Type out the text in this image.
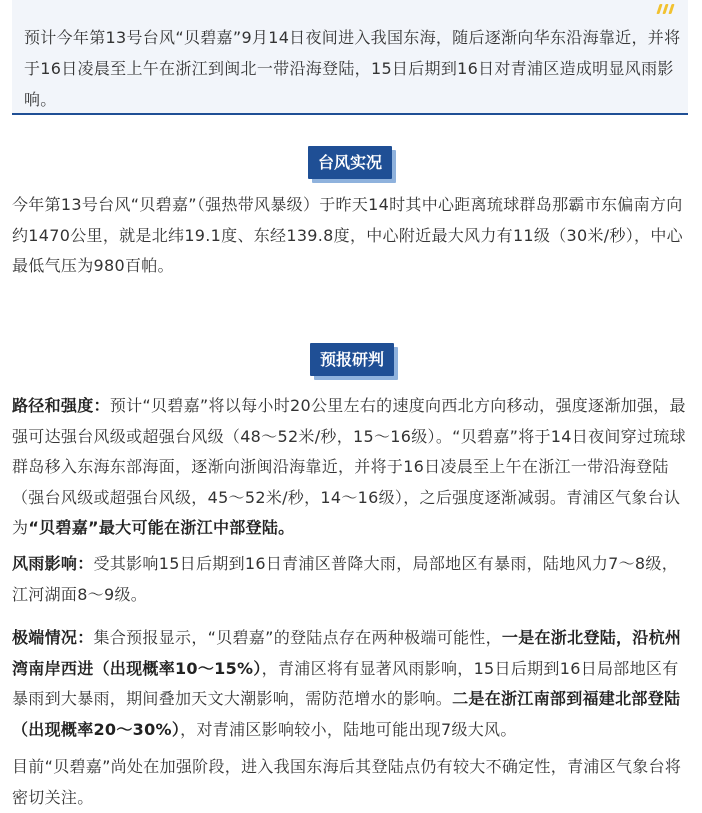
预计今年第13号台风“贝碧嘉”9月14日夜间进入我国东海，随后逐渐向华东沿海靠近，并将于16日凌晨至上午在浙江到闽北一带沿海登陆，15日后期到16日对青浦区造成明显风雨影响。
台风实况
今年第13号台风“贝碧嘉”（强热带风暴级）于昨天14时其中心距离琉球群岛那霸市东偏南方向约1470公里，就是北纬19.1度、东经139.8度，中心附近最大风力有11级（30米/秒），中心最低气压为980百帕。
预报研判
路径和强度：预计“贝碧嘉”将以每小时20公里左右的速度向西北方向移动，强度逐渐加强，最强可达强台风级或超强台风级（48～52米/秒，15～16级）。“贝碧嘉”将于14日夜间穿过琉球群岛移入东海东部海面，逐渐向浙闽沿海靠近，并将于16日凌晨至上午在浙江一带沿海登陆（强台风级或超强台风级，45～52米/秒，14～16级），之后强度逐渐减弱。青浦区气象台认为“贝碧嘉”最大可能在浙江中部登陆。
风雨影响：受其影响15日后期到16日青浦区普降大雨，局部地区有暴雨，陆地风力7～8级，江河湖面8～9级。
极端情况：集合预报显示，“贝碧嘉”的登陆点存在两种极端可能性，一是在浙北登陆，沿杭州湾南岸西进（出现概率10～15%），青浦区将有显著风雨影响，15日后期到16日局部地区有暴雨到大暴雨，期间叠加天文大潮影响，需防范增水的影响。二是在浙江南部到福建北部登陆（出现概率20～30%），对青浦区影响较小，陆地可能出现7级大风。
目前“贝碧嘉”尚处在加强阶段，进入我国东海后其登陆点仍有较大不确定性，青浦区气象台将密切关注。
